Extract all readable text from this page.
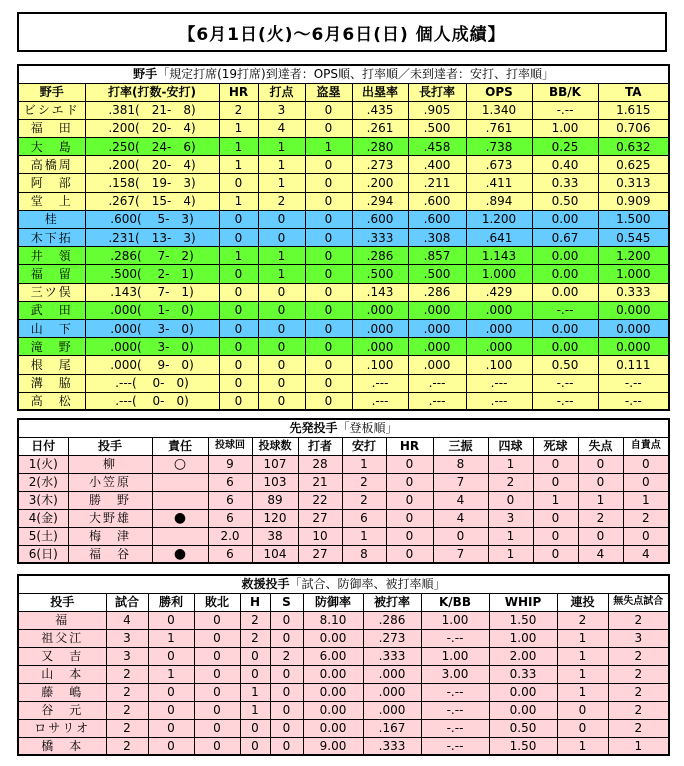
【6月1日(火)～6月6日(日) 個人成績】
野手「規定打席(19打席)到達者：OPS順、打率順／未到達者：安打、打率順」									
野手	打率(打数-安打)	HR	打点	盗塁	出塁率	長打率	OPS	BB/K	TA
ビシエド	.381(　21-　8)	2	3	0	.435	.905	1.340	-.--	1.615
福　田	.200(　20-　4)	1	4	0	.261	.500	.761	1.00	0.706
大　島	.250(　24-　6)	1	1	1	.280	.458	.738	0.25	0.632
高橋周	.200(　20-　4)	1	1	0	.273	.400	.673	0.40	0.625
阿　部	.158(　19-　3)	0	1	0	.200	.211	.411	0.33	0.313
堂　上	.267(　15-　4)	1	2	0	.294	.600	.894	0.50	0.909
桂	.600(　 5-　3)	0	0	0	.600	.600	1.200	0.00	1.500
木下拓	.231(　13-　3)	0	0	0	.333	.308	.641	0.67	0.545
井　領	.286(　 7-　2)	1	1	0	.286	.857	1.143	0.00	1.200
福　留	.500(　 2-　1)	0	1	0	.500	.500	1.000	0.00	1.000
三ツ俣	.143(　 7-　1)	0	0	0	.143	.286	.429	0.00	0.333
武　田	.000(　 1-　0)	0	0	0	.000	.000	.000	-.--	0.000
山　下	.000(　 3-　0)	0	0	0	.000	.000	.000	0.00	0.000
滝　野	.000(　 3-　0)	0	0	0	.000	.000	.000	0.00	0.000
根　尾	.000(　 9-　0)	0	0	0	.100	.000	.100	0.50	0.111
溝　脇	.---(　 0-　0)	0	0	0	.---	.---	.---	-.--	-.--
高　松	.---(　 0-　0)	0	0	0	.---	.---	.---	-.--	-.--
先発投手「登板順」												
日付	投手	責任	投球回	投球数	打者	安打	HR	三振	四球	死球	失点	自責点
1(火)	柳	○	9	107	28	1	0	8	1	0	0	0
2(水)	小笠原		6	103	21	2	0	7	2	0	0	0
3(木)	勝　野		6	89	22	2	0	4	0	1	1	1
4(金)	大野雄	●	6	120	27	6	0	4	3	0	2	2
5(土)	梅　津		2.0	38	10	1	0	0	1	0	0	0
6(日)	福　谷	●	6	104	27	8	0	7	1	0	4	4
救援投手「試合、防御率、被打率順」											
投手	試合	勝利	敗北	H	S	防御率	被打率	K/BB	WHIP	連投	無失点試合
福	4	0	0	2	0	8.10	.286	1.00	1.50	2	2
祖父江	3	1	0	2	0	0.00	.273	-.--	1.00	1	3
又　吉	3	0	0	0	2	6.00	.333	1.00	2.00	1	2
山　本	2	1	0	0	0	0.00	.000	3.00	0.33	1	2
藤　嶋	2	0	0	1	0	0.00	.000	-.--	0.00	1	2
谷　元	2	0	0	1	0	0.00	.000	-.--	0.00	0	2
ロサリオ	2	0	0	0	0	0.00	.167	-.--	0.50	0	2
橋　本	2	0	0	0	0	9.00	.333	-.--	1.50	1	1
